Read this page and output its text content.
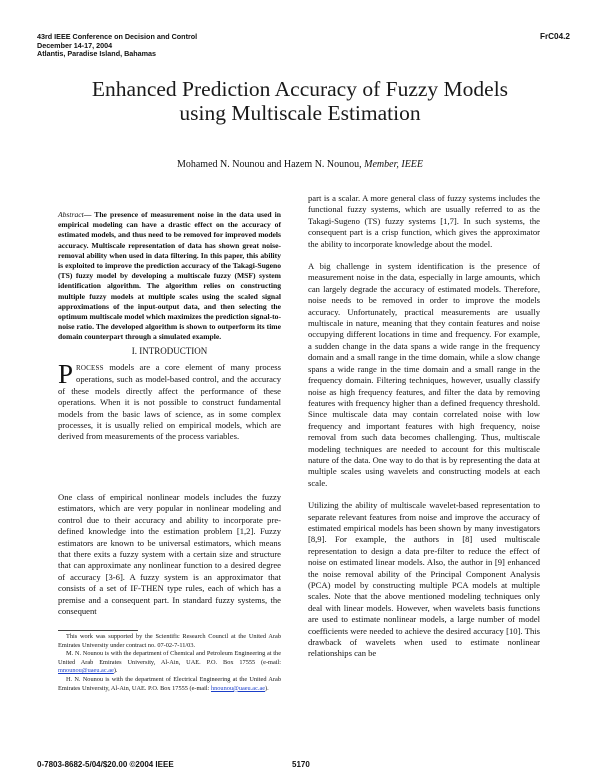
43rd IEEE Conference on Decision and Control
December 14-17, 2004
Atlantis, Paradise Island, Bahamas
FrC04.2
Enhanced Prediction Accuracy of Fuzzy Models
using Multiscale Estimation
Mohamed N. Nounou and Hazem N. Nounou, Member, IEEE
Abstract— The presence of measurement noise in the data used in empirical modeling can have a drastic effect on the accuracy of estimated models, and thus need to be removed for improved models accuracy. Multiscale representation of data has shown great noise-removal ability when used in data filtering. In this paper, this ability is exploited to improve the prediction accuracy of the Takagi-Sugeno (TS) fuzzy model by developing a multiscale fuzzy (MSF) system identification algorithm. The algorithm relies on constructing multiple fuzzy models at multiple scales using the scaled signal approximations of the input-output data, and then selecting the optimum multiscale model which maximizes the prediction signal-to-noise ratio. The developed algorithm is shown to outperform its time domain counterpart through a simulated example.
I. INTRODUCTION
PROCESS models are a core element of many process operations, such as model-based control, and the accuracy of these models directly affect the performance of these operations. When it is not possible to construct fundamental models from the basic laws of science, as in some complex processes, it is usually relied on empirical models, which are derived from measurements of the process variables.
One class of empirical nonlinear models includes the fuzzy estimators, which are very popular in nonlinear modeling and control due to their accuracy and ability to incorporate pre-defined knowledge into the estimation problem [1,2]. Fuzzy estimators are known to be universal estimators, which means that there exits a fuzzy system with a certain size and structure that can approximate any nonlinear function to a desired degree of accuracy [3-6]. A fuzzy system is an approximator that consists of a set of IF-THEN type rules, each of which has a premise and a consequent part. In standard fuzzy systems, the consequent

This work was supported by the Scientific Research Council at the United Arab Emirates University under contract no. 07-02-7-11/03.

M. N. Nounou is with the department of Chemical and Petroleum Engineering at the United Arab Emirates University, Al-Ain, UAE. P.O. Box 17555 (e-mail: mnounou@uaeu.ac.ae).

H. N. Nounou is with the department of Electrical Engineering at the United Arab Emirates University, Al-Ain, UAE. P.O. Box 17555 (e-mail: hnounou@uaeu.ac.ae).

part is a scalar. A more general class of fuzzy systems includes the functional fuzzy systems, which are usually referred to as the Takagi-Sugeno (TS) fuzzy systems [1,7]. In such systems, the consequent part is a crisp function, which gives the approximator the ability to incorporate knowledge about the model.

A big challenge in system identification is the presence of measurement noise in the data, especially in large amounts, which can largely degrade the accuracy of estimated models. Therefore, noise needs to be removed in order to improve the models accuracy. Unfortunately, practical measurements are usually multiscale in nature, meaning that they contain features and noise occupying different locations in time and frequency. For example, a sudden change in the data spans a wide range in the frequency domain and a small range in the time domain, while a slow change spans a wide range in the time domain and a small range in the frequency domain. Filtering techniques, however, usually classify noise as high frequency features, and filter the data by removing features with frequency higher than a defined frequency threshold. Since multiscale data may contain correlated noise with low frequency and important features with high frequency, noise removal from such data becomes challenging. Thus, multiscale modeling techniques are needed to account for this multiscale nature of the data. One way to do that is by representing the data at multiple scales using wavelets and constructing models at each scale.

Utilizing the ability of multiscale wavelet-based representation to separate relevant features from noise and improve the accuracy of estimated empirical models has been shown by many investigators [8,9]. For example, the authors in [8] used multiscale representation to design a data pre-filter to reduce the effect of noise on estimated linear models. Also, the author in [9] enhanced the noise removal ability of the Principal Component Analysis (PCA) model by constructing multiple PCA models at multiple scales. Note that the above mentioned modeling techniques only deal with linear models. However, when wavelets basis functions are used to estimate nonlinear models, a large number of model coefficients were needed to achieve the desired accuracy [10]. This drawback of wavelets when used to estimate nonlinear relationships can be

0-7803-8682-5/04/$20.00 ©2004 IEEE	5170
